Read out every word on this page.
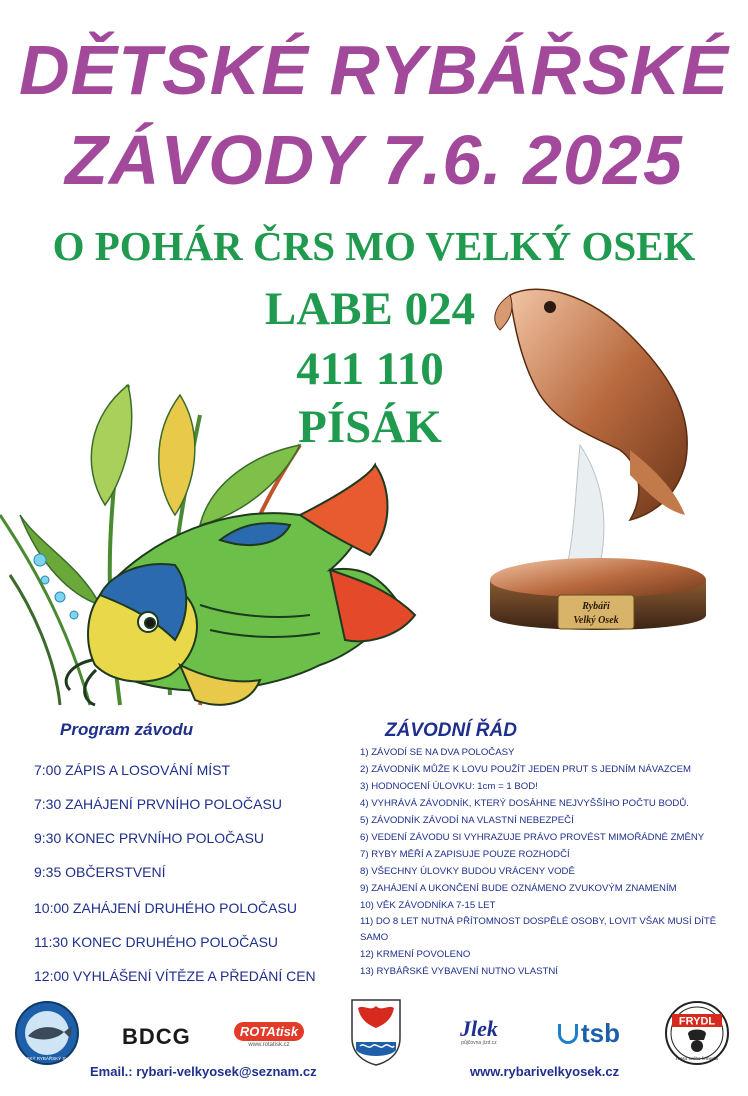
DĚTSKÉ RYBÁŘSKÉ
ZÁVODY 7.6. 2025
O POHÁR ČRS MO VELKÝ OSEK
LABE 024
411 110
PÍSÁK
Rybáři
Velký Osek
Program závodu
7:00 ZÁPIS A LOSOVÁNÍ MÍST
7:30 ZAHÁJENÍ PRVNÍHO POLOČASU
9:30 KONEC PRVNÍHO POLOČASU
9:35 OBČERSTVENÍ
10:00 ZAHÁJENÍ DRUHÉHO POLOČASU
11:30 KONEC DRUHÉHO POLOČASU
12:00 VYHLÁŠENÍ VÍTĚZE A PŘEDÁNÍ CEN
ZÁVODNÍ ŘÁD
1) ZÁVODÍ SE NA DVA POLOČASY
2) ZÁVODNÍK MŮŽE K LOVU POUŽÍT JEDEN PRUT S JEDNÍM NÁVAZCEM
3) HODNOCENÍ ÚLOVKU: 1cm = 1 BOD!
4) VYHRÁVÁ ZÁVODNÍK, KTERÝ DOSÁHNE NEJVYŠŠÍHO POČTU BODŮ.
5) ZÁVODNÍK ZÁVODÍ NA VLASTNÍ NEBEZPEČÍ
6) VEDENÍ ZÁVODU SI VYHRAZUJE PRÁVO PROVÉST MIMOŘÁDNÉ ZMĚNY
7) RYBY MĚŘÍ A ZAPISUJE POUZE ROZHODČÍ
8) VŠECHNY ÚLOVKY BUDOU VRÁCENY VODĚ
9) ZAHÁJENÍ A UKONČENÍ BUDE OZNÁMENO ZVUKOVÝM ZNAMENÍM
10) VĚK ZÁVODNÍKA 7-15 LET
11) DO 8 LET NUTNÁ PŘÍTOMNOST DOSPĚLÉ OSOBY, LOVIT VŠAK MUSÍ DÍTĚ SAMO
12) KRMENÍ POVOLENO
13) RYBÁŘSKÉ VYBAVENÍ NUTNO VLASTNÍ
ČESKÝ RYBÁŘSKÝ SVAZ
BDCG	ROTAtisk
www.rotatisk.cz
Jlek
půjčovna jízd.cz	tsb	FRYDL
maso svého řemesla
Email.: rybari-velkyosek@seznam.cz	www.rybarivelkyosek.cz
